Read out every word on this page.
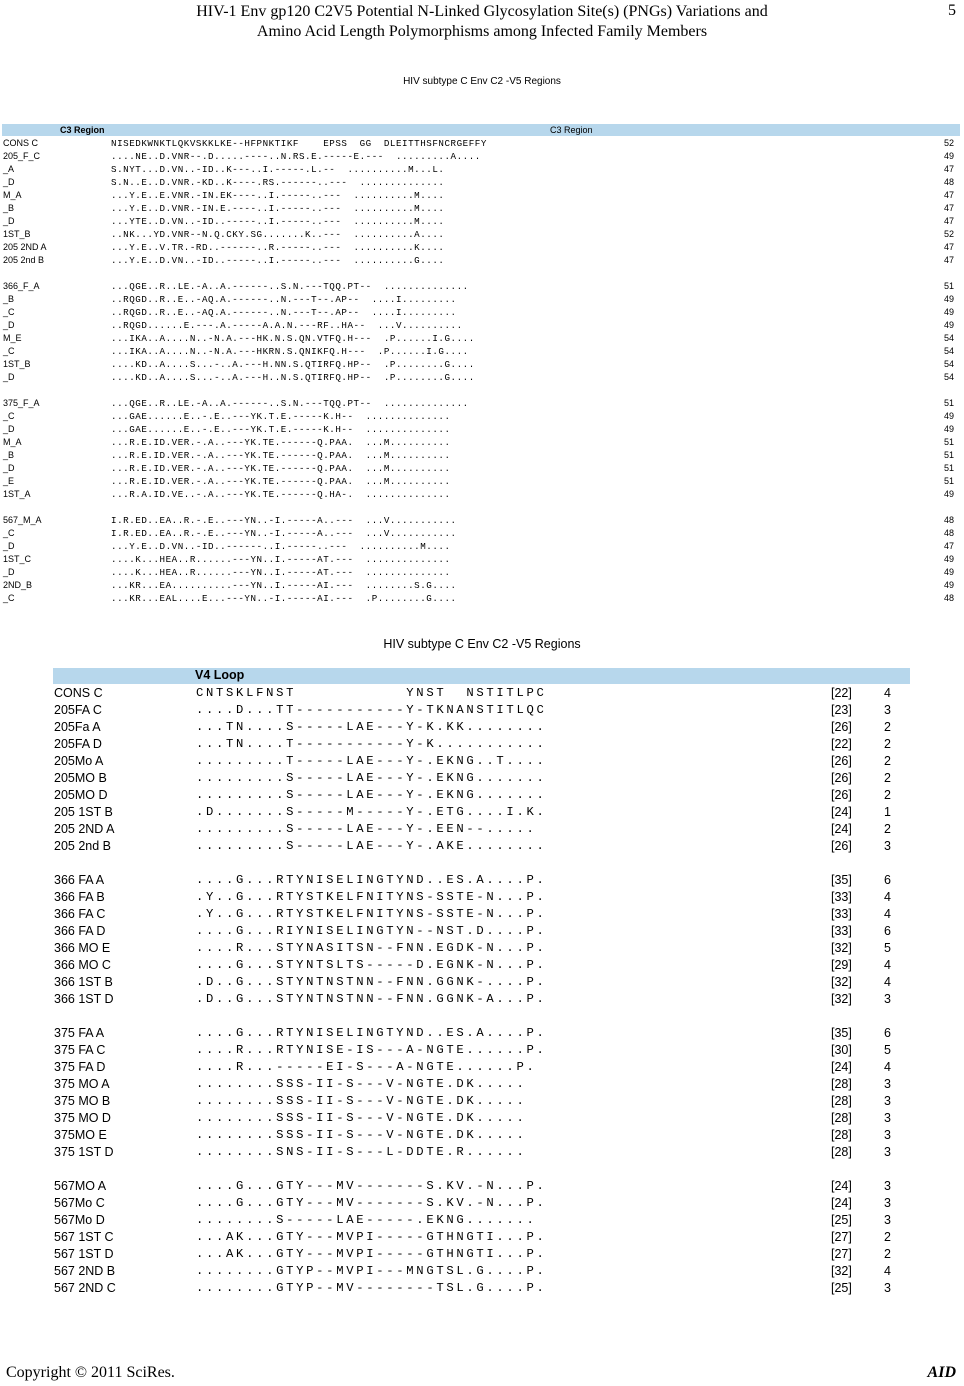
HIV-1 Env gp120 C2V5 Potential N-Linked Glycosylation Site(s) (PNGs) Variations and
Amino Acid Length Polymorphisms among Infected Family Members
5
HIV subtype C Env C2 -V5 Regions
C3 Region	C3 Region
CONS C	NISEDKWNKTLQKVSKKLKE--HFPNKTIKF    EPSS  GG  DLEITTHSFNCRGEFFY	52
205_F_C	....NE..D.VNR--.D.....----..N.RS.E.-----E.---  .........A....	49
_A	S.NYT...D.VN..-ID..K---..I.-----.L.--  ..........M...L.	47
_D	S.N..E..D.VNR.-KD..K----.RS.------..---  ..............	48
M_A	...Y.E..E.VNR.-IN.EK----..I.-----..---  ..........M....	47
_B	...Y.E..D.VNR.-IN.E.----..I.-----..---  ..........M....	47
_D	...YTE..D.VN..-ID..-----..I.-----..---  ..........M....	47
1ST_B	..NK...YD.VNR--N.Q.CKY.SG.......K..---  ..........A....	52
205 2ND A	...Y.E..V.TR.-RD..------..R.-----..---  ..........K....	47
205 2nd B	...Y.E..D.VN..-ID..-----..I.-----..---  ..........G....	47
366_F_A	...QGE..R..LE.-A..A.------..S.N.---TQQ.PT--  ..............	51
_B	..RQGD..R..E..-AQ.A.------..N.---T--.AP--  ....I.........	49
_C	..RQGD..R..E..-AQ.A.------..N.---T--.AP--  ....I.........	49
_D	..RQGD......E.---.A.-----A.A.N.---RF..HA--  ...V..........	49
M_E	...IKA..A....N..-N.A.---HK.N.S.QN.VTFQ.H---  .P......I.G....	54
_C	...IKA..A....N..-N.A.---HKRN.S.QNIKFQ.H---  .P......I.G....	54
1ST_B	....KD..A....S...-..A.---H.NN.S.QTIRFQ.HP--  .P........G....	54
_D	....KD..A....S...-..A.---H..N.S.QTIRFQ.HP--  .P........G....	54
375_F_A	...QGE..R..LE.-A..A.------..S.N.---TQQ.PT--  ..............	51
_C	...GAE......E..-.E..---YK.T.E.-----K.H--  ..............	49
_D	...GAE......E..-.E..---YK.T.E.-----K.H--  ..............	49
M_A	...R.E.ID.VER.-.A..---YK.TE.------Q.PAA.  ...M..........	51
_B	...R.E.ID.VER.-.A..---YK.TE.------Q.PAA.  ...M..........	51
_D	...R.E.ID.VER.-.A..---YK.TE.------Q.PAA.  ...M..........	51
_E	...R.E.ID.VER.-.A..---YK.TE.------Q.PAA.  ...M..........	51
1ST_A	...R.A.ID.VE..-.A..---YK.TE.------Q.HA-.  ..............	49
567_M_A	I.R.ED..EA..R.-.E..---YN..-I.-----A..---  ...V...........	48
_C	I.R.ED..EA..R.-.E..---YN..-I.-----A..---  ...V...........	48
_D	...Y.E..D.VN..-ID..------..I.-----..---  ..........M....	47
1ST_C	....K...HEA..R......---YN..I.-----AT.---  ..............	49
_D	....K...HEA..R......---YN..I.-----AT.---  ..............	49
2ND_B	...KR...EA..........---YN..I.-----AI.---  ........S.G....	49
_C	...KR...EAL....E...---YN..-I.-----AI.---  .P........G....	48
HIV subtype C Env C2 -V5 Regions
V4 Loop
CONS C	CNTSKLFNST           YNST  NSTITLPC	[22]	4
205FA C	....D...TT-----------Y-TKNANSTITLQC	[23]	3
205Fa A	...TN....S-----LAE---Y-K.KK........	[26]	2
205FA D	...TN....T-----------Y-K...........	[22]	2
205Mo A	.........T-----LAE---Y-.EKNG..T....	[26]	2
205MO B	.........S-----LAE---Y-.EKNG.......	[26]	2
205MO D	.........S-----LAE---Y-.EKNG.......	[26]	2
205 1ST B	.D.......S-----M-----Y-.ETG....I.K.	[24]	1
205 2ND A	.........S-----LAE---Y-.EEN--.....	[24]	2
205 2nd B	.........S-----LAE---Y-.AKE........	[26]	3
366 FA A	....G...RTYNISELINGTYND..ES.A....P.	[35]	6
366 FA B	.Y..G...RTYSTKELFNITYNS-SSTE-N...P.	[33]	4
366 FA C	.Y..G...RTYSTKELFNITYNS-SSTE-N...P.	[33]	4
366 FA D	....G...RIYNISELINGTYN--NST.D....P.	[33]	6
366 MO E	....R...STYNASITSN--FNN.EGDK-N...P.	[32]	5
366 MO C	....G...STYNTSLTS-----D.EGNK-N...P.	[29]	4
366 1ST B	.D..G...STYNTNSTNN--FNN.GGNK-....P.	[32]	4
366 1ST D	.D..G...STYNTNSTNN--FNN.GGNK-A...P.	[32]	3
375 FA A	....G...RTYNISELINGTYND..ES.A....P.	[35]	6
375 FA C	....R...RTYNISE-IS---A-NGTE......P.	[30]	5
375 FA D	....R...-----EI-S---A-NGTE......P.	[24]	4
375 MO A	........SSS-II-S---V-NGTE.DK.....	[28]	3
375 MO B	........SSS-II-S---V-NGTE.DK.....	[28]	3
375 MO D	........SSS-II-S---V-NGTE.DK.....	[28]	3
375MO E	........SSS-II-S---V-NGTE.DK.....	[28]	3
375 1ST D	........SNS-II-S---L-DDTE.R......	[28]	3
567MO A	....G...GTY---MV-------S.KV.-N...P.	[24]	3
567Mo C	....G...GTY---MV-------S.KV.-N...P.	[24]	3
567Mo D	........S-----LAE-----.EKNG.......	[25]	3
567 1ST C	...AK...GTY---MVPI-----GTHNGTI...P.	[27]	2
567 1ST D	...AK...GTY---MVPI-----GTHNGTI...P.	[27]	2
567 2ND B	........GTYP--MVPI---MNGTSL.G....P.	[32]	4
567 2ND C	........GTYP--MV--------TSL.G....P.	[25]	3
Copyright © 2011 SciRes.	AID
